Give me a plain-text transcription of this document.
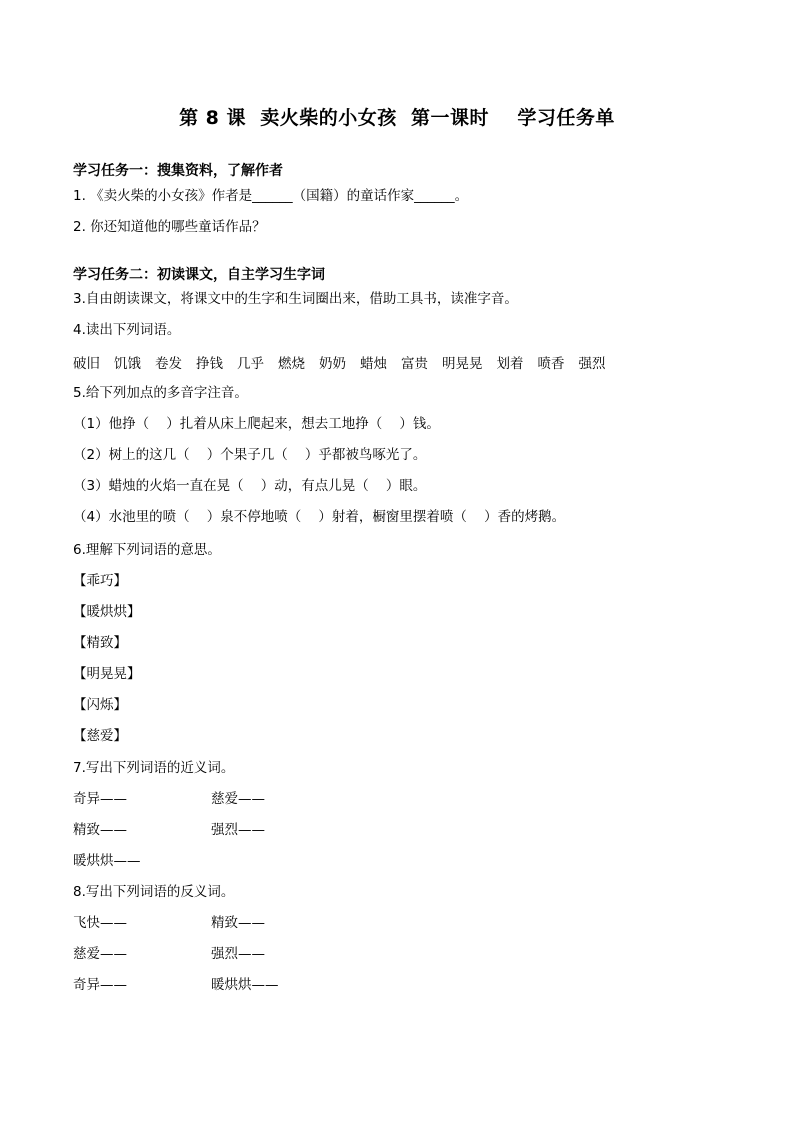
第 8 课  卖火柴的小女孩  第一课时    学习任务单
学习任务一：搜集资料，了解作者
1. 《卖火柴的小女孩》作者是______（国籍）的童话作家______。
2. 你还知道他的哪些童话作品？
学习任务二：初读课文，自主学习生字词
3.自由朗读课文，将课文中的生字和生词圈出来，借助工具书，读准字音。
4.读出下列词语。
破旧 饥饿 卷发 挣钱 几乎 燃烧 奶奶 蜡烛 富贵 明晃晃 划着 喷香 强烈
5.给下列加点的多音字注音。
（1）他挣（    ）扎着从床上爬起来，想去工地挣（    ）钱。
（2）树上的这几（    ）个果子几（    ）乎都被鸟啄光了。
（3）蜡烛的火焰一直在晃（    ）动，有点儿晃（    ）眼。
（4）水池里的喷（    ）泉不停地喷（    ）射着，橱窗里摆着喷（    ）香的烤鹅。
6.理解下列词语的意思。
【乖巧】
【暖烘烘】
【精致】
【明晃晃】
【闪烁】
【慈爱】
7.写出下列词语的近义词。
奇异——	慈爱——
精致——	强烈——
暖烘烘——
8.写出下列词语的反义词。
飞快——	精致——
慈爱——	强烈——
奇异——	暖烘烘——
